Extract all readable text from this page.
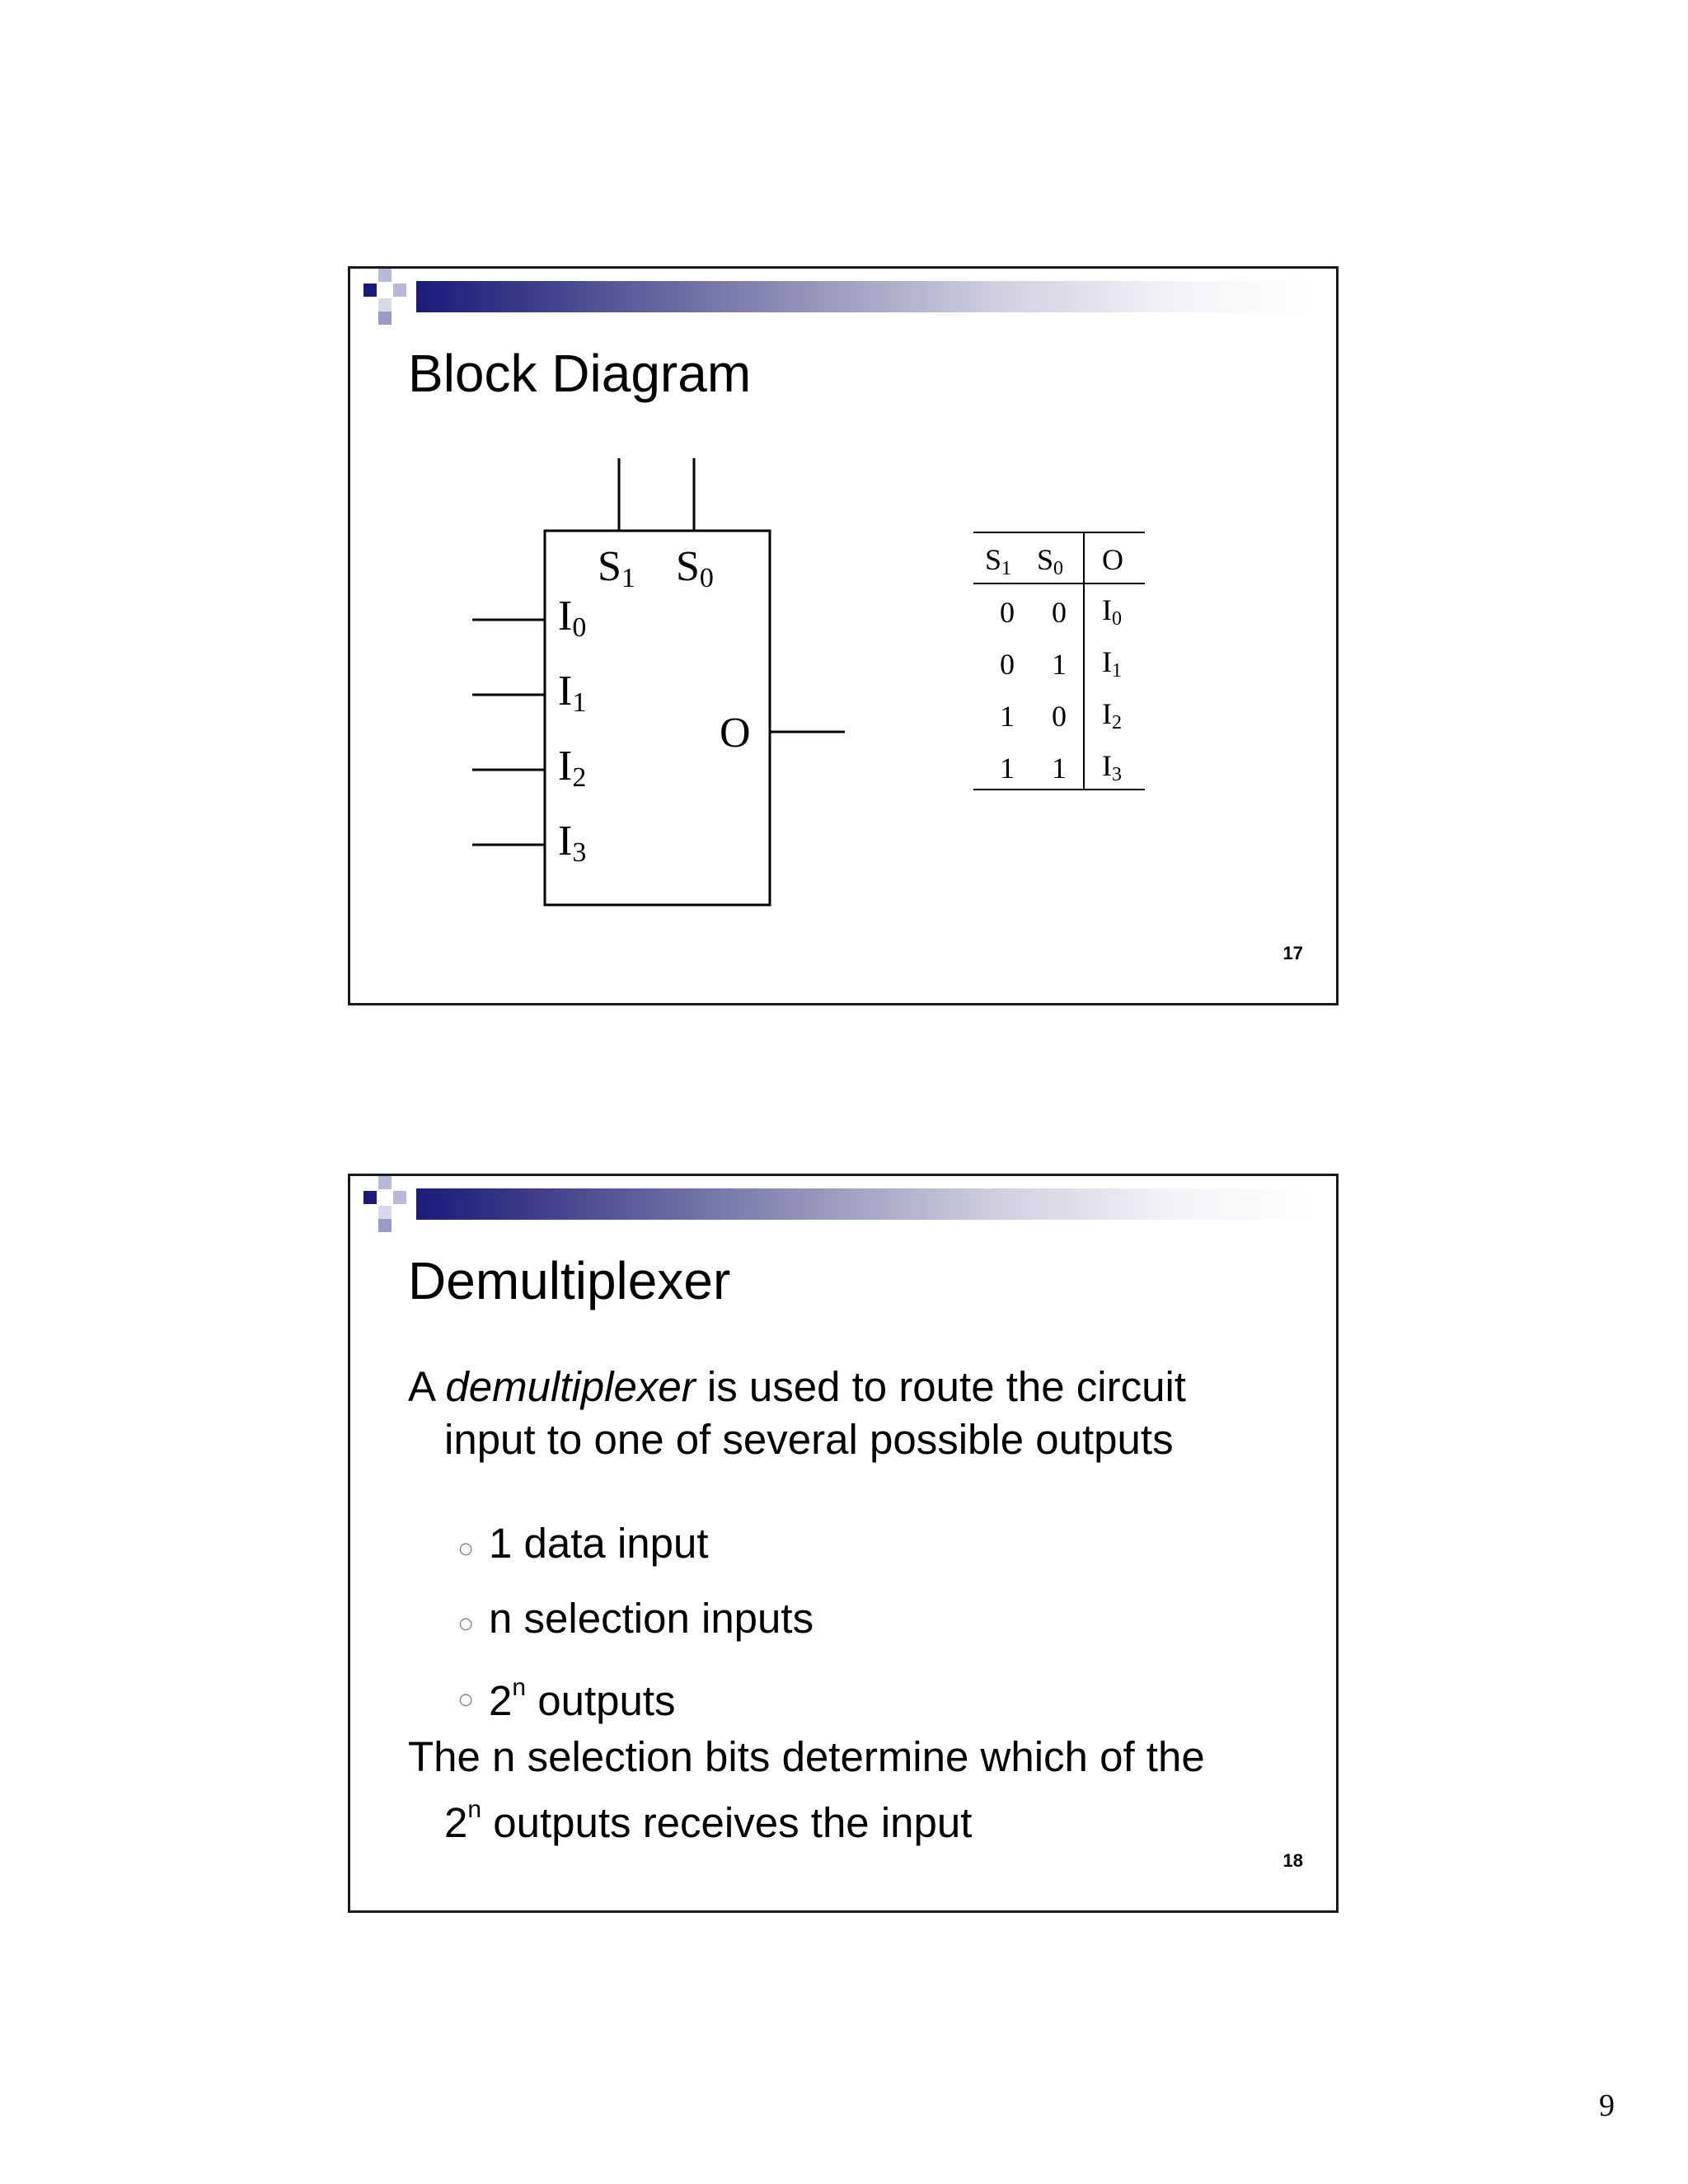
Block Diagram
S1 S0
I0
I1
I2
I3
O
S1 S0 O
0 0 I0
0 1 I1
1 0 I2
1 1 I3
17
Demultiplexer
A demultiplexer is used to route the circuit
input to one of several possible outputs
○ 1 data input
○ n selection inputs
○ 2$^n$ outputs
The n selection bits determine which of the
2$^n$ outputs receives the input
18
9
